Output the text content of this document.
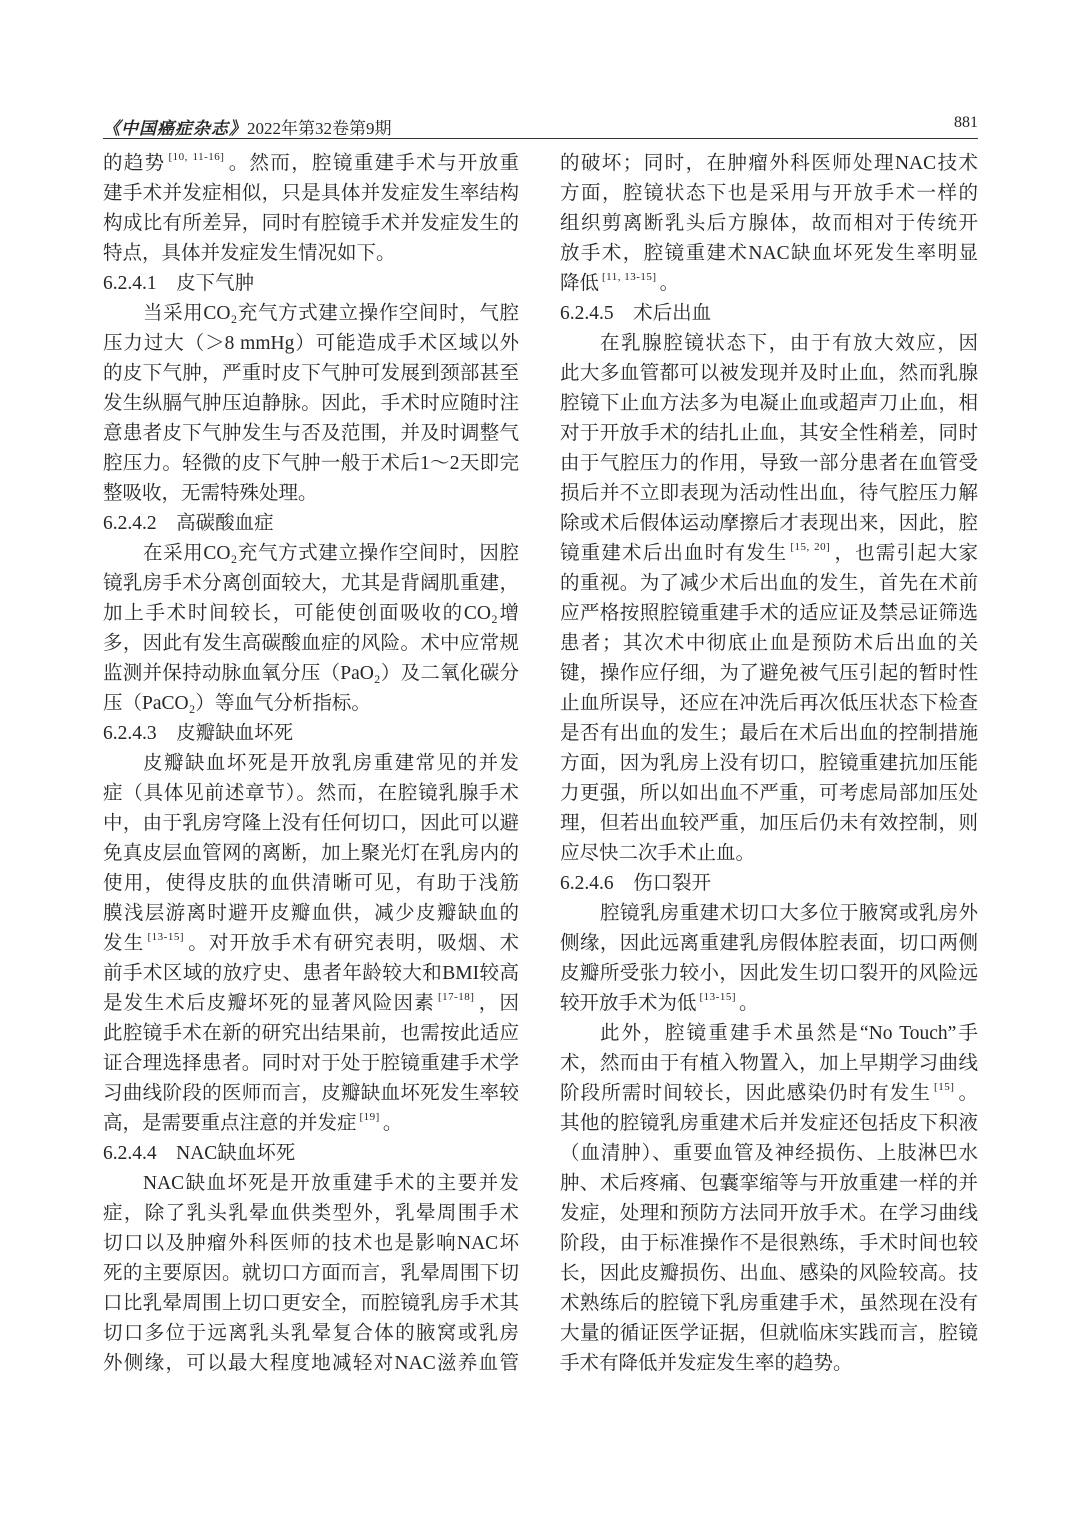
《中国癌症杂志》2022年第32卷第9期	881
的趋势 [10, 11-16] 。然而，腔镜重建手术与开放重
建手术并发症相似，只是具体并发症发生率结构
构成比有所差异，同时有腔镜手术并发症发生的
特点，具体并发症发生情况如下。
6.2.4.1　皮下气肿
当采用CO₂充气方式建立操作空间时，气腔
压力过大（＞8 mmHg）可能造成手术区域以外
的皮下气肿，严重时皮下气肿可发展到颈部甚至
发生纵膈气肿压迫静脉。因此，手术时应随时注
意患者皮下气肿发生与否及范围，并及时调整气
腔压力。轻微的皮下气肿一般于术后1～2天即完
整吸收，无需特殊处理。
6.2.4.2　高碳酸血症
在采用CO₂充气方式建立操作空间时，因腔
镜乳房手术分离创面较大，尤其是背阔肌重建，
加上手术时间较长，可能使创面吸收的CO₂增
多，因此有发生高碳酸血症的风险。术中应常规
监测并保持动脉血氧分压（PaO₂）及二氧化碳分
压（PaCO₂）等血气分析指标。
6.2.4.3　皮瓣缺血坏死
皮瓣缺血坏死是开放乳房重建常见的并发
症（具体见前述章节）。然而，在腔镜乳腺手术
中，由于乳房穹隆上没有任何切口，因此可以避
免真皮层血管网的离断，加上聚光灯在乳房内的
使用，使得皮肤的血供清晰可见，有助于浅筋
膜浅层游离时避开皮瓣血供，减少皮瓣缺血的
发生 [13-15] 。对开放手术有研究表明，吸烟、术
前手术区域的放疗史、患者年龄较大和BMI较高
是发生术后皮瓣坏死的显著风险因素 [17-18] ，因
此腔镜手术在新的研究出结果前，也需按此适应
证合理选择患者。同时对于处于腔镜重建手术学
习曲线阶段的医师而言，皮瓣缺血坏死发生率较
高，是需要重点注意的并发症 [19] 。
6.2.4.4　NAC缺血坏死
NAC缺血坏死是开放重建手术的主要并发
症，除了乳头乳晕血供类型外，乳晕周围手术
切口以及肿瘤外科医师的技术也是影响NAC坏
死的主要原因。就切口方面而言，乳晕周围下切
口比乳晕周围上切口更安全，而腔镜乳房手术其
切口多位于远离乳头乳晕复合体的腋窝或乳房
外侧缘，可以最大程度地减轻对NAC滋养血管
的破坏；同时，在肿瘤外科医师处理NAC技术
方面，腔镜状态下也是采用与开放手术一样的
组织剪离断乳头后方腺体，故而相对于传统开
放手术，腔镜重建术NAC缺血坏死发生率明显
降低 [11, 13-15] 。
6.2.4.5　术后出血
在乳腺腔镜状态下，由于有放大效应，因
此大多血管都可以被发现并及时止血，然而乳腺
腔镜下止血方法多为电凝止血或超声刀止血，相
对于开放手术的结扎止血，其安全性稍差，同时
由于气腔压力的作用，导致一部分患者在血管受
损后并不立即表现为活动性出血，待气腔压力解
除或术后假体运动摩擦后才表现出来，因此，腔
镜重建术后出血时有发生 [15, 20] ，也需引起大家
的重视。为了减少术后出血的发生，首先在术前
应严格按照腔镜重建手术的适应证及禁忌证筛选
患者；其次术中彻底止血是预防术后出血的关
键，操作应仔细，为了避免被气压引起的暂时性
止血所误导，还应在冲洗后再次低压状态下检查
是否有出血的发生；最后在术后出血的控制措施
方面，因为乳房上没有切口，腔镜重建抗加压能
力更强，所以如出血不严重，可考虑局部加压处
理，但若出血较严重，加压后仍未有效控制，则
应尽快二次手术止血。
6.2.4.6　伤口裂开
腔镜乳房重建术切口大多位于腋窝或乳房外
侧缘，因此远离重建乳房假体腔表面，切口两侧
皮瓣所受张力较小，因此发生切口裂开的风险远
较开放手术为低 [13-15] 。
此外，腔镜重建手术虽然是“No Touch”手
术，然而由于有植入物置入，加上早期学习曲线
阶段所需时间较长，因此感染仍时有发生 [15] 。
其他的腔镜乳房重建术后并发症还包括皮下积液
（血清肿）、重要血管及神经损伤、上肢淋巴水
肿、术后疼痛、包囊挛缩等与开放重建一样的并
发症，处理和预防方法同开放手术。在学习曲线
阶段，由于标准操作不是很熟练，手术时间也较
长，因此皮瓣损伤、出血、感染的风险较高。技
术熟练后的腔镜下乳房重建手术，虽然现在没有
大量的循证医学证据，但就临床实践而言，腔镜
手术有降低并发症发生率的趋势。
